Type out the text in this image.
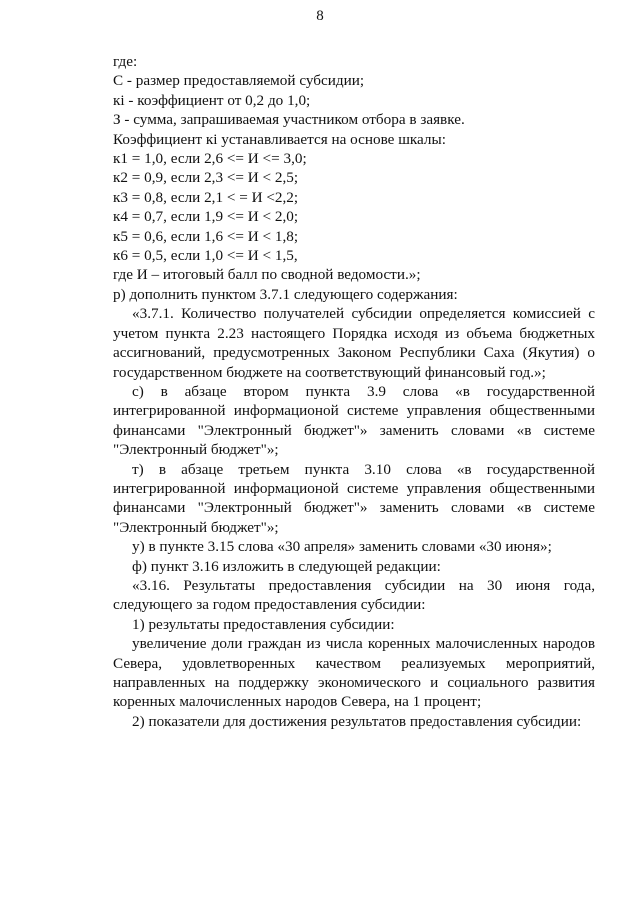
8
где:
С - размер предоставляемой субсидии;
кi - коэффициент от 0,2 до 1,0;
З - сумма, запрашиваемая участником отбора в заявке.
Коэффициент кi устанавливается на основе шкалы:
к1 = 1,0, если 2,6 <= И <= 3,0;
к2 = 0,9, если 2,3 <= И < 2,5;
к3 = 0,8, если 2,1 < = И <2,2;
к4 = 0,7, если 1,9 <= И < 2,0;
к5 = 0,6, если 1,6 <= И < 1,8;
к6 = 0,5, если 1,0 <= И < 1,5,
где И – итоговый балл по сводной ведомости.»;
р) дополнить пунктом 3.7.1 следующего содержания:
«3.7.1. Количество получателей субсидии определяется комиссией с
учетом пункта 2.23 настоящего Порядка исходя из объема бюджетных
ассигнований, предусмотренных Законом Республики Саха (Якутия) о
государственном бюджете на соответствующий финансовый год.»;
с) в абзаце втором пункта 3.9 слова «в государственной
интегрированной информационой системе управления общественными
финансами "Электронный бюджет"» заменить словами «в системе
"Электронный бюджет"»;
т) в абзаце третьем пункта 3.10 слова «в государственной
интегрированной информационой системе управления общественными
финансами "Электронный бюджет"» заменить словами «в системе
"Электронный бюджет"»;
у) в пункте 3.15 слова «30 апреля» заменить словами «30 июня»;
ф) пункт 3.16 изложить в следующей редакции:
«3.16. Результаты предоставления субсидии на 30 июня года,
следующего за годом предоставления субсидии:
1) результаты предоставления субсидии:
увеличение доли граждан из числа коренных малочисленных народов
Севера, удовлетворенных качеством реализуемых мероприятий,
направленных на поддержку экономического и социального развития
коренных малочисленных народов Севера, на 1 процент;
2) показатели для достижения результатов предоставления субсидии:
